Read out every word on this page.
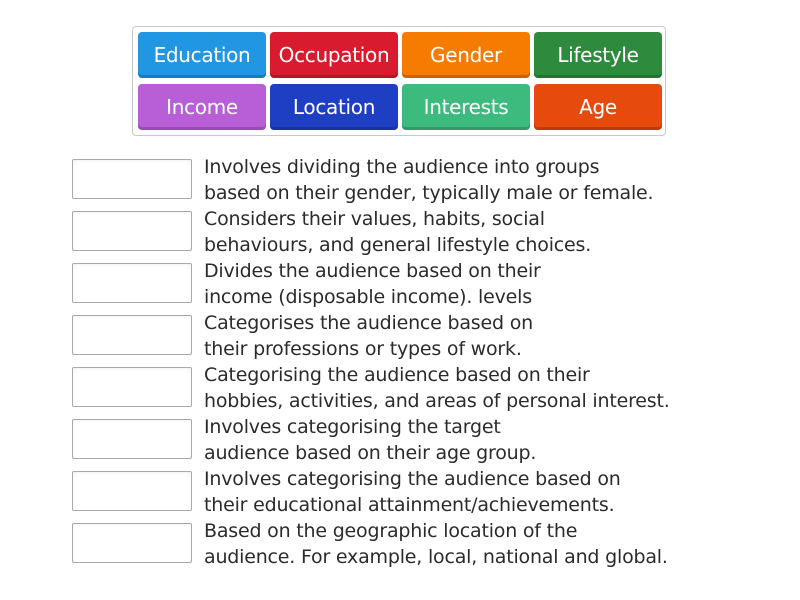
Education	Occupation	Gender	Lifestyle
Income	Location	Interests	Age
Involves dividing the audience into groups
based on their gender, typically male or female.
Considers their values, habits, social
behaviours, and general lifestyle choices.
Divides the audience based on their
income (disposable income). levels
Categorises the audience based on
their professions or types of work.
Categorising the audience based on their
hobbies, activities, and areas of personal interest.
Involves categorising the target
audience based on their age group.
Involves categorising the audience based on
their educational attainment/achievements.
Based on the geographic location of the
audience. For example, local, national and global.
